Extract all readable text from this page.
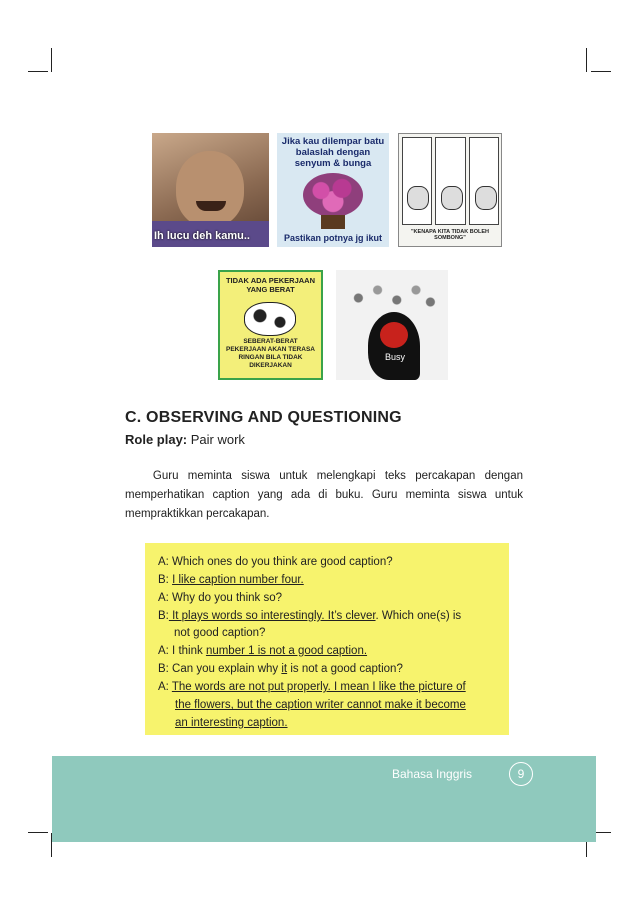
Ih lucu deh kamu..
Jika kau dilempar batu balaslah dengan senyum & bunga
Pastikan potnya jg ikut
"KENAPA KITA TIDAK BOLEH SOMBONG"
TIDAK ADA PEKERJAAN YANG BERAT
SEBERAT-BERAT PEKERJAAN AKAN TERASA RINGAN BILA TIDAK DIKERJAKAN
Busy
C. OBSERVING AND QUESTIONING
Role play: Pair work
Guru meminta siswa untuk melengkapi teks percakapan dengan memperhatikan caption yang ada di buku. Guru meminta siswa untuk mempraktikkan percakapan.
A: Which ones do you think are good caption?
B: I like caption number four.
A: Why do you think so?
B: It plays words so interestingly. It’s clever. Which one(s) is
not good caption?
A: I think number 1 is not a good caption.
B: Can you explain why it is not a good caption?
A: The words are not put properly. I mean I like the picture of
the flowers, but the caption writer cannot make it become
an interesting caption.
Bahasa Inggris	9
